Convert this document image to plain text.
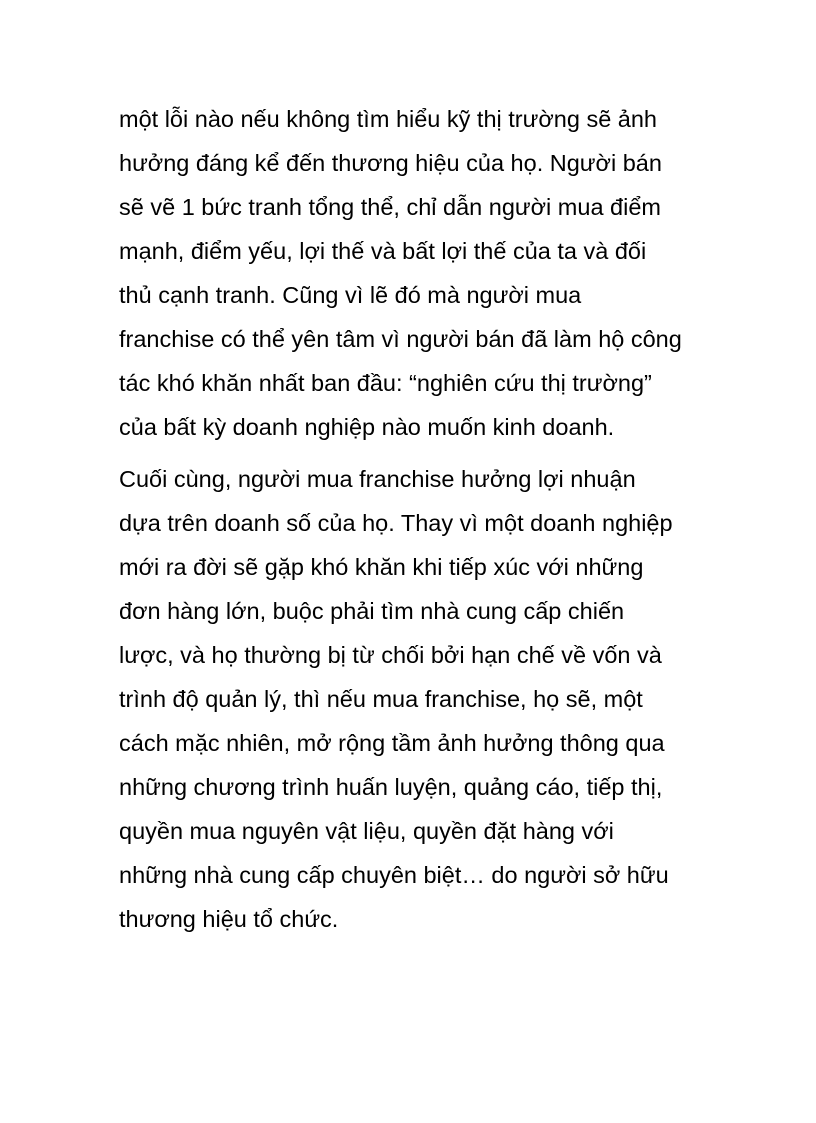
một lỗi nào nếu không tìm hiểu kỹ thị trường sẽ ảnh
hưởng đáng kể đến thương hiệu của họ. Người bán
sẽ vẽ 1 bức tranh tổng thể, chỉ dẫn người mua điểm
mạnh, điểm yếu, lợi thế và bất lợi thế của ta và đối
thủ cạnh tranh. Cũng vì lẽ đó mà người mua
franchise có thể yên tâm vì người bán đã làm hộ công
tác khó khăn nhất ban đầu: “nghiên cứu thị trường”
của bất kỳ doanh nghiệp nào muốn kinh doanh.

Cuối cùng, người mua franchise hưởng lợi nhuận
dựa trên doanh số của họ. Thay vì một doanh nghiệp
mới ra đời sẽ gặp khó khăn khi tiếp xúc với những
đơn hàng lớn, buộc phải tìm nhà cung cấp chiến
lược, và họ thường bị từ chối bởi hạn chế về vốn và
trình độ quản lý, thì nếu mua franchise, họ sẽ, một
cách mặc nhiên, mở rộng tầm ảnh hưởng thông qua
những chương trình huấn luyện, quảng cáo, tiếp thị,
quyền mua nguyên vật liệu, quyền đặt hàng với
những nhà cung cấp chuyên biệt… do người sở hữu
thương hiệu tổ chức.
